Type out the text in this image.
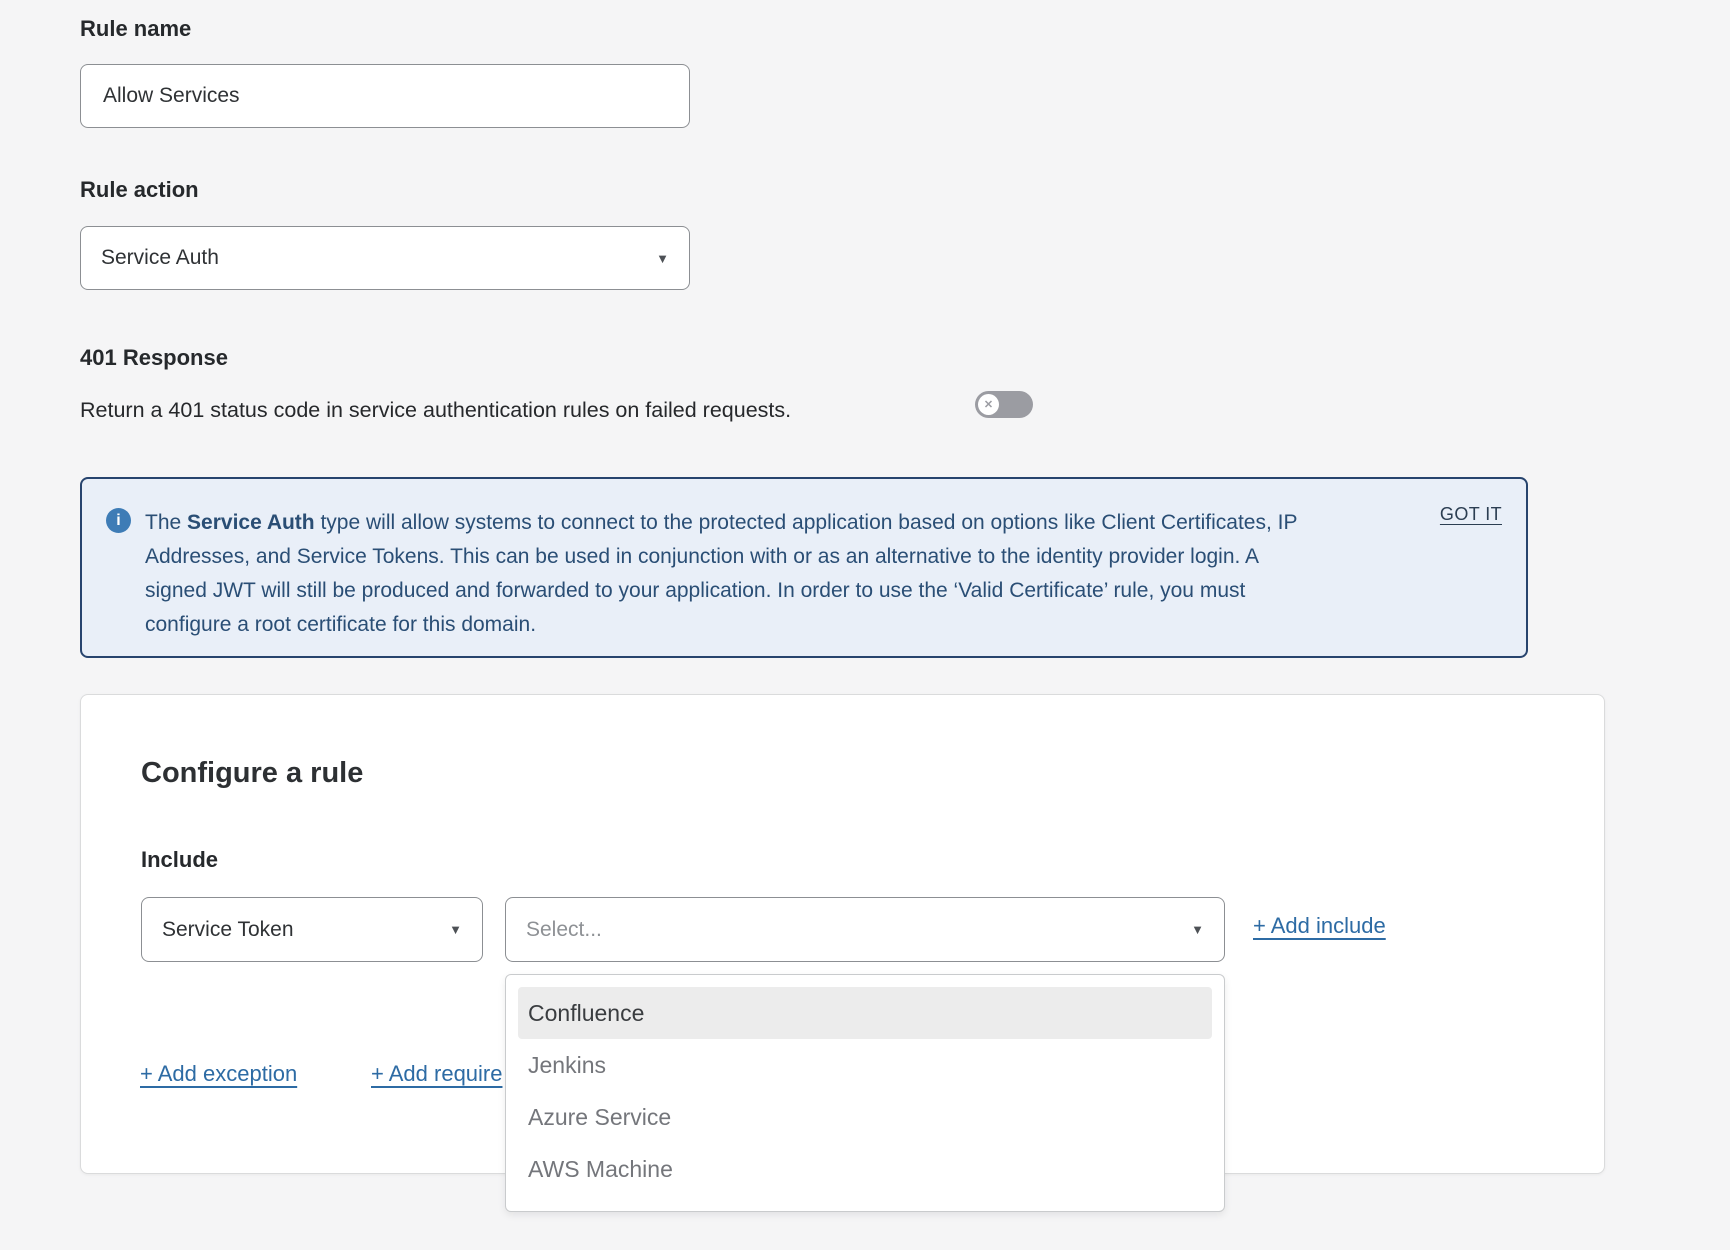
Rule name
Allow Services
Rule action
Service Auth	▼
401 Response
Return a 401 status code in service authentication rules on failed requests.	✕
i	The Service Auth type will allow systems to connect to the protected application based on options like Client Certificates, IP Addresses, and Service Tokens. This can be used in conjunction with or as an alternative to the identity provider login. A signed JWT will still be produced and forwarded to your application. In order to use the ‘Valid Certificate’ rule, you must configure a root certificate for this domain.
GOT IT
Configure a rule
Include
Service Token	▼	Select...	▼ + Add include
+ Add exception	+ Add require
Confluence
Jenkins
Azure Service
AWS Machine
